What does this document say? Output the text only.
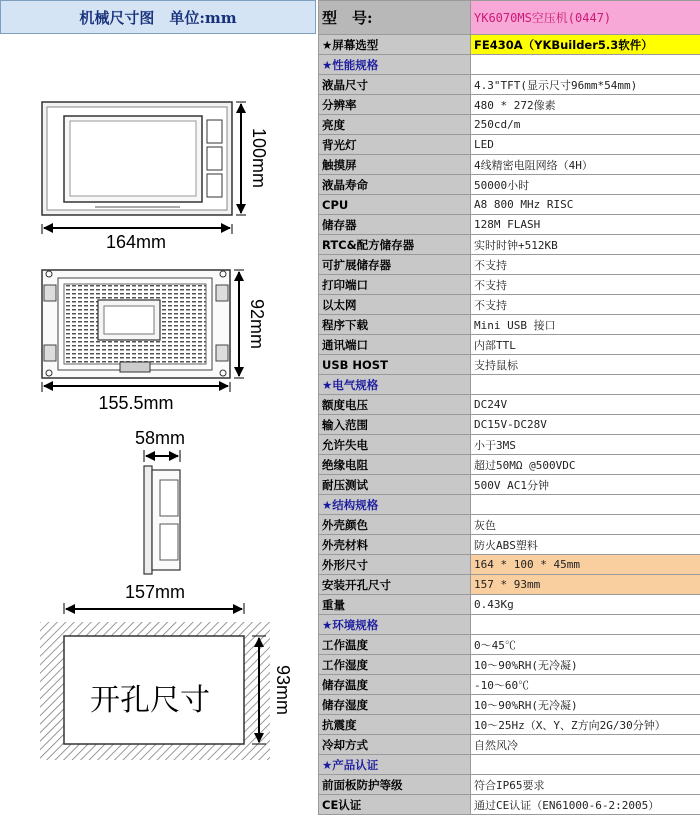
机械尺寸图　单位:mm
164mm
100mm
155.5mm
92mm
58mm
157mm
93mm
开孔尺寸
型　号:	YK6070MS空压机(0447)
★屏幕选型	FE430A（YKBuilder5.3软件）
★性能规格	
液晶尺寸	4.3"TFT(显示尺寸96mm*54mm)
分辨率	480 * 272像素
亮度	250cd/m
背光灯	LED
触摸屏	4线精密电阻网络（4H）
液晶寿命	50000小时
CPU	A8 800 MHz RISC
储存器	128M FLASH
RTC&配方储存器	实时时钟+512KB
可扩展储存器	不支持
打印端口	不支持
以太网	不支持
程序下载	Mini USB 接口
通讯端口	内部TTL
USB HOST	支持鼠标
★电气规格	
额度电压	DC24V
输入范围	DC15V-DC28V
允许失电	小于3MS
绝缘电阻	超过50MΩ @500VDC
耐压测试	500V AC1分钟
★结构规格	
外壳颜色	灰色
外壳材料	防火ABS塑料
外形尺寸	164 * 100 * 45mm
安装开孔尺寸	157 * 93mm
重量	0.43Kg
★环境规格	
工作温度	0～45℃
工作湿度	10～90%RH(无冷凝)
储存温度	-10～60℃
储存湿度	10～90%RH(无冷凝)
抗震度	10～25Hz（X、Y、Z方向2G/30分钟）
冷却方式	自然风冷
★产品认证	
前面板防护等级	符合IP65要求
CE认证	通过CE认证（EN61000-6-2:2005）
